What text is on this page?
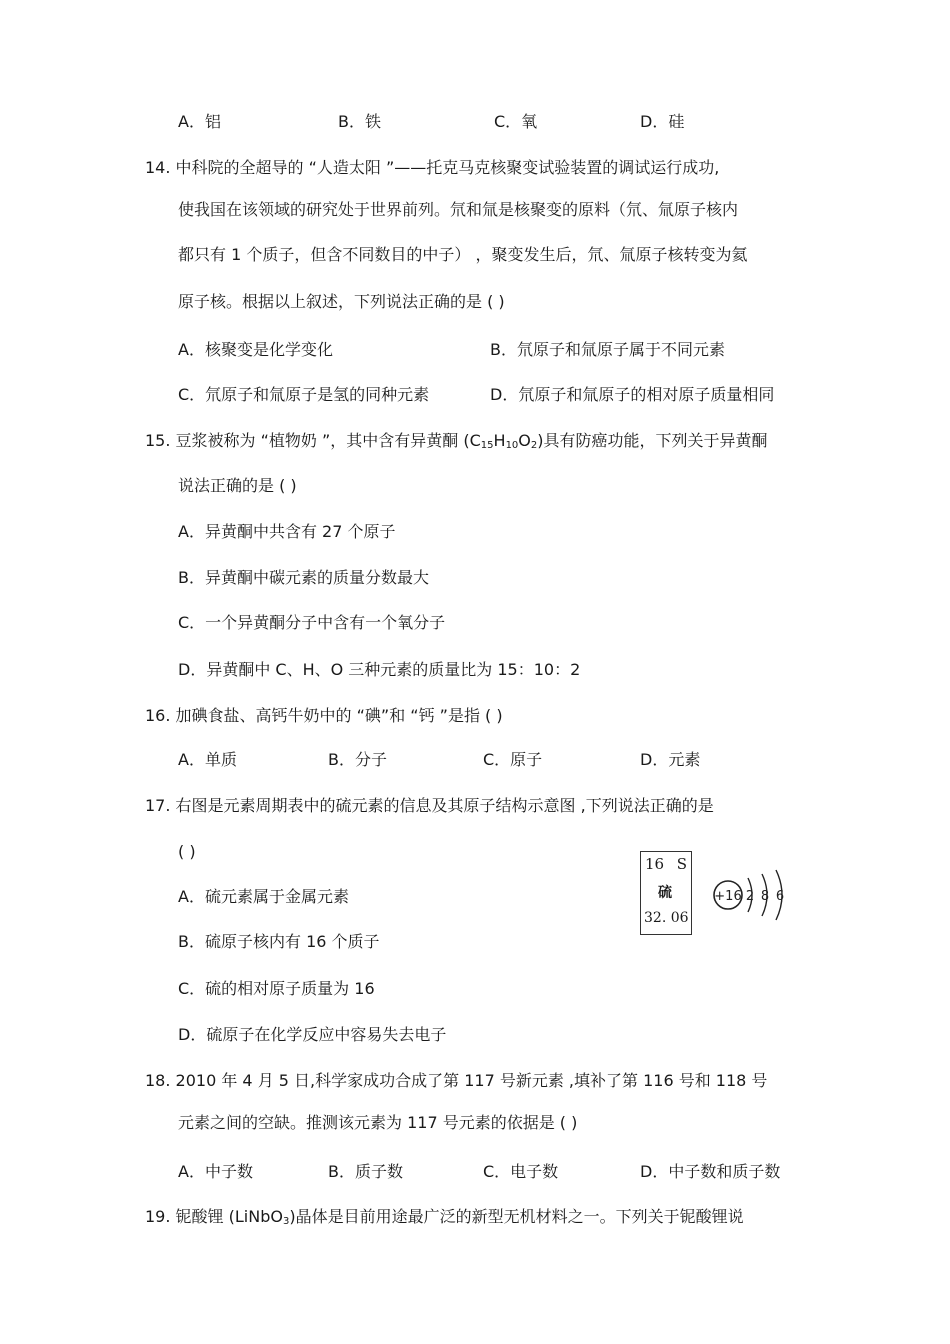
A．铝	B．铁	C．氧	D．硅
14. 中科院的全超导的 “人造太阳 ”——托克马克核聚变试验装置的调试运行成功,
使我国在该领域的研究处于世界前列。氘和氚是核聚变的原料（氘、氚原子核内
都只有 1 个质子，但含不同数目的中子） ，聚变发生后，氘、氚原子核转变为氦
原子核。根据以上叙述，下列说法正确的是 ( )
A．核聚变是化学变化	B．氘原子和氚原子属于不同元素
C．氘原子和氚原子是氢的同种元素	D．氘原子和氚原子的相对原子质量相同
15. 豆浆被称为 “植物奶 ”，其中含有异黄酮 $(C_{15}H_{10}O_2)$具有防癌功能，下列关于异黄酮
说法正确的是 ( )
A．异黄酮中共含有 27 个原子
B．异黄酮中碳元素的质量分数最大
C．一个异黄酮分子中含有一个氧分子
D．异黄酮中 C、H、O 三种元素的质量比为 15：10：2
16. 加碘食盐、高钙牛奶中的 “碘”和 “钙 ”是指 ( )
A．单质	B．分子	C．原子	D．元素
17. 右图是元素周期表中的硫元素的信息及其原子结构示意图 ,下列说法正确的是
( )
A．硫元素属于金属元素
B．硫原子核内有 16 个质子
C．硫的相对原子质量为 16
D．硫原子在化学反应中容易失去电子
16 S
硫
32. 06
+16 2 8 6
18. 2010 年 4 月 5 日,科学家成功合成了第 117 号新元素 ,填补了第 116 号和 118 号
元素之间的空缺。推测该元素为 117 号元素的依据是 ( )
A．中子数	B．质子数	C．电子数	D．中子数和质子数
19. 铌酸锂 (LiNbO$_3$)晶体是目前用途最广泛的新型无机材料之一。下列关于铌酸锂说
